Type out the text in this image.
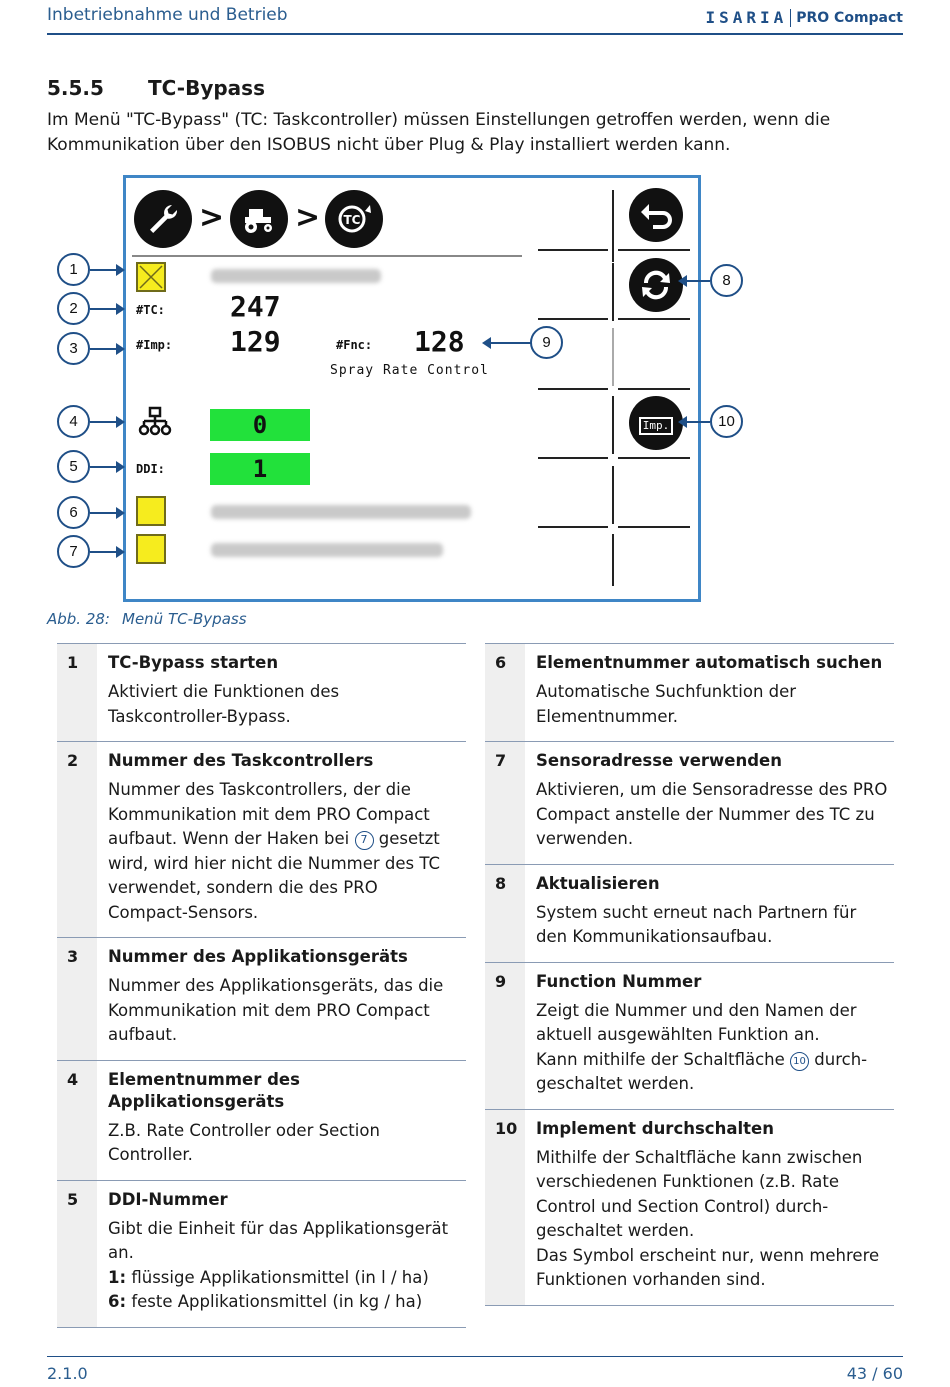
Inbetriebnahme und Betrieb	ISARIA PRO Compact
5.5.5 TC-Bypass
Im Menü "TC-Bypass" (TC: Taskcontroller) müssen Einstellungen getroffen werden, wenn die Kommunikation über den ISOBUS nicht über Plug & Play installiert werden kann.
> > TC
Imp.
#TC: 247
#Imp: 129	#Fnc: 128
Spray Rate Control
0
DDI:	1
1
2
3
4
5
6
7
8
9
10
Abb. 28: Menü TC-Bypass
1	TC-Bypass starten
Aktiviert die Funktionen des Taskcontroller-Bypass.
2	Nummer des Taskcontrollers
Nummer des Taskcontrollers, der die Kommunikation mit dem PRO Compact aufbaut. Wenn der Haken bei 7 gesetzt wird, wird hier nicht die Nummer des TC verwendet, sondern die des PRO Compact-Sensors.
3	Nummer des Applikationsgeräts
Nummer des Applikationsgeräts, das die Kommunikation mit dem PRO Compact aufbaut.
4	Elementnummer des Applikationsgeräts
Z.B. Rate Controller oder Section Controller.
5	DDI-Nummer
Gibt die Einheit für das Applikationsgerät an.
1: flüssige Applikationsmittel (in l / ha)
6: feste Applikationsmittel (in kg / ha)
6	Elementnummer automatisch suchen
Automatische Suchfunktion der Elementnummer.
7	Sensoradresse verwenden
Aktivieren, um die Sensoradresse des PRO Compact anstelle der Nummer des TC zu verwenden.
8	Aktualisieren
System sucht erneut nach Partnern für den Kommunikationsaufbau.
9	Function Nummer
Zeigt die Nummer und den Namen der aktuell ausgewählten Funktion an.
Kann mithilfe der Schaltfläche 10 durch-geschaltet werden.
10	Implement durchschalten
Mithilfe der Schaltfläche kann zwischen verschiedenen Funktionen (z.B. Rate Control und Section Control) durch-geschaltet werden.
Das Symbol erscheint nur, wenn mehrere Funktionen vorhanden sind.
2.1.0	43 / 60
